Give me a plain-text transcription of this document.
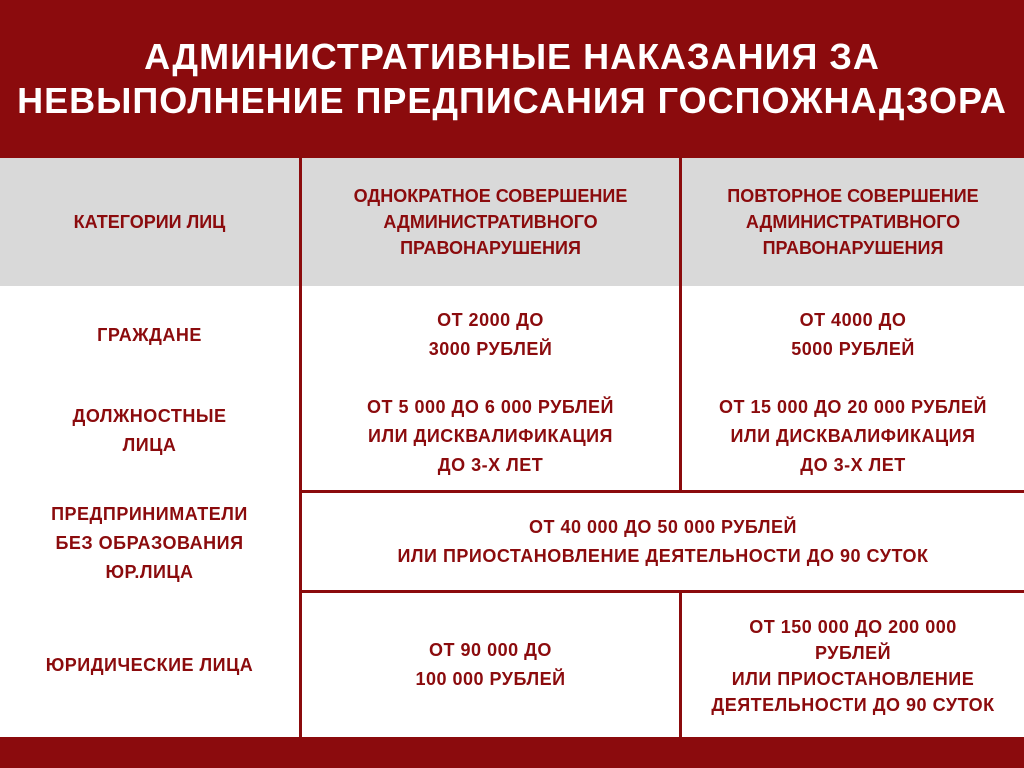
АДМИНИСТРАТИВНЫЕ НАКАЗАНИЯ ЗА
НЕВЫПОЛНЕНИЕ ПРЕДПИСАНИЯ ГОСПОЖНАДЗОРА
КАТЕГОРИИ ЛИЦ
ОДНОКРАТНОЕ СОВЕРШЕНИЕ
АДМИНИСТРАТИВНОГО
ПРАВОНАРУШЕНИЯ
ПОВТОРНОЕ СОВЕРШЕНИЕ
АДМИНИСТРАТИВНОГО
ПРАВОНАРУШЕНИЯ
ГРАЖДАНЕ
ОТ 2000 ДО
3000 РУБЛЕЙ
ОТ 4000 ДО
5000 РУБЛЕЙ
ДОЛЖНОСТНЫЕ
ЛИЦА
ОТ 5 000 ДО 6 000 РУБЛЕЙ
ИЛИ ДИСКВАЛИФИКАЦИЯ
ДО 3-Х ЛЕТ
ОТ 15 000 ДО 20 000 РУБЛЕЙ
ИЛИ ДИСКВАЛИФИКАЦИЯ
ДО 3-Х ЛЕТ
ПРЕДПРИНИМАТЕЛИ
БЕЗ ОБРАЗОВАНИЯ
ЮР.ЛИЦА
ОТ 40 000 ДО 50 000 РУБЛЕЙ
ИЛИ ПРИОСТАНОВЛЕНИЕ ДЕЯТЕЛЬНОСТИ ДО 90 СУТОК
ЮРИДИЧЕСКИЕ ЛИЦА
ОТ 90 000 ДО
100 000 РУБЛЕЙ
ОТ 150 000 ДО 200 000
РУБЛЕЙ
ИЛИ ПРИОСТАНОВЛЕНИЕ
ДЕЯТЕЛЬНОСТИ ДО 90 СУТОК
